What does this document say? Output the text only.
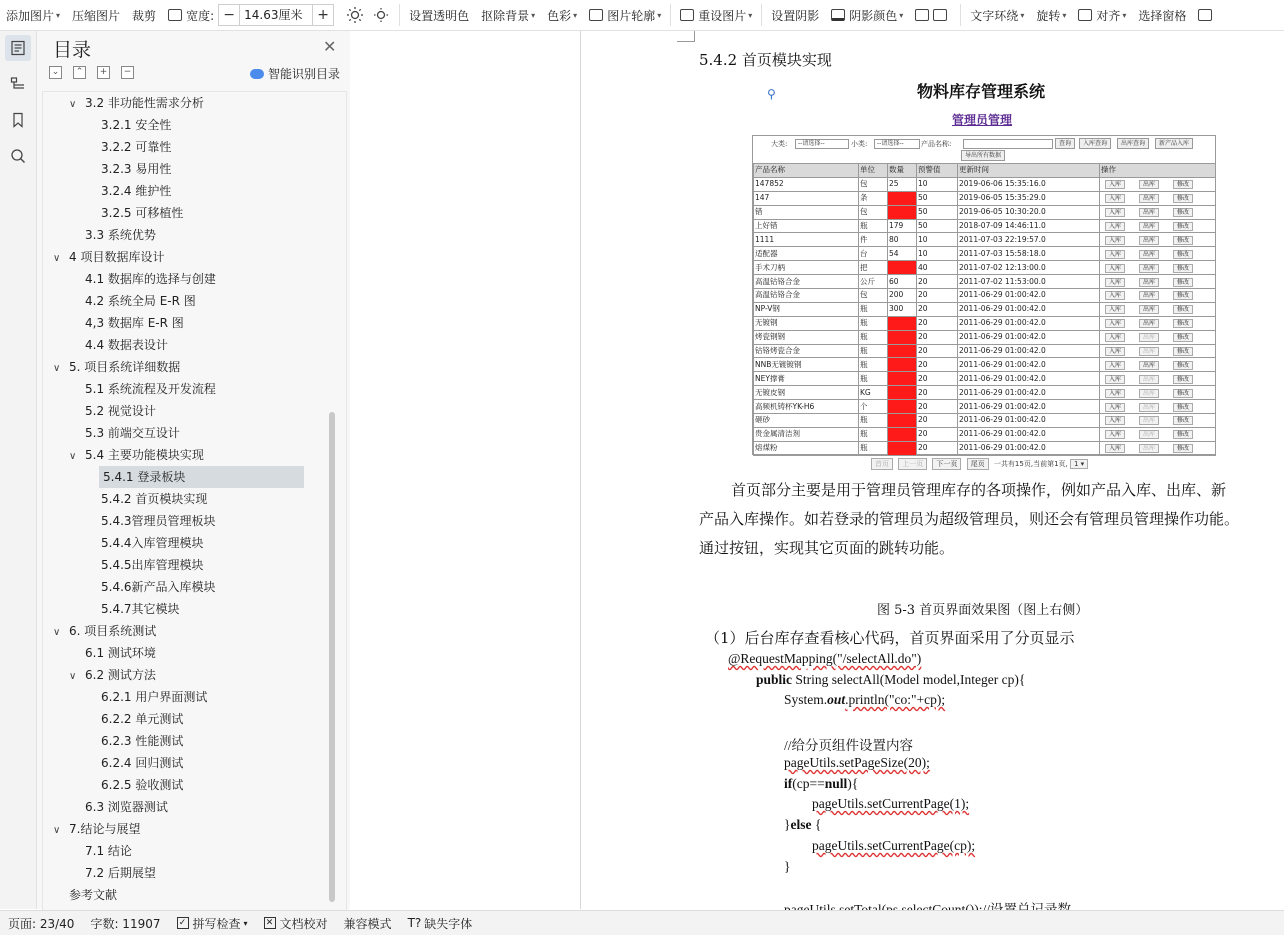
添加图片 ▾ 压缩图片 裁剪	宽度: − 14.63厘米	+	设置透明色 抠除背景 ▾ 色彩 ▾	图片轮廓 ▾	重设图片 ▾ 设置阴影	阴影颜色 ▾	文字环绕 ▾ 旋转 ▾	对齐 ▾ 选择窗格
目录	✕
⌄	⌃	+	−	智能识别目录
∨ 3.2 非功能性需求分析
3.2.1 安全性
3.2.2 可靠性
3.2.3 易用性
3.2.4 维护性
3.2.5 可移植性
3.3 系统优势
∨ 4 项目数据库设计
4.1 数据库的选择与创建
4.2 系统全局 E-R 图
4,3 数据库 E-R 图
4.4 数据表设计
∨ 5. 项目系统详细数据
5.1 系统流程及开发流程
5.2 视觉设计
5.3 前端交互设计
∨ 5.4 主要功能模块实现
5.4.1 登录板块
5.4.2 首页模块实现
5.4.3管理员管理板块
5.4.4入库管理模块
5.4.5出库管理模块
5.4.6新产品入库模块
5.4.7其它模块
∨ 6. 项目系统测试
6.1 测试环境
∨ 6.2 测试方法
6.2.1 用户界面测试
6.2.2 单元测试
6.2.3 性能测试
6.2.4 回归测试
6.2.5 验收测试
6.3 浏览器测试
∨ 7.结论与展望
7.1 结论
7.2 后期展望
参考文献
5.4.2 首页模块实现
⚲	物料库存管理系统
管理员管理
大类:	--请选择--	小类:	--请选择--	产品名称:	查询	入库查询	出库查询	新产品入库
导出所有数据
产品名称	单位	数量	预警值	更新时间	操作
147852	包	25	10	2019-06-06 15:35:16.0	入库 出库 修改
147	条	12	50	2019-06-05 15:35:29.0	入库 出库 修改
错	包	11	50	2019-06-05 10:30:20.0	入库 出库 修改
上好错	瓶	179	50	2018-07-09 14:46:11.0	入库 出库 修改
1111	件	80	10	2011-07-03 22:19:57.0	入库 出库 修改
适配器	台	54	10	2011-07-03 15:58:18.0	入库 出库 修改
手术刀柄	把	10	40	2011-07-02 12:13:00.0	入库 出库 修改
高温钴铬合金	公斤	60	20	2011-07-02 11:53:00.0	入库 出库 修改
高温钴铬合金	包	200	20	2011-06-29 01:00:42.0	入库 出库 修改
NP-V钢	瓶	300	20	2011-06-29 01:00:42.0	入库 出库 修改
无镀钢	瓶	11	20	2011-06-29 01:00:42.0	入库 出库 修改
烤瓷钢钢	瓶	0	20	2011-06-29 01:00:42.0	入库 出库 修改
钴铬烤瓷合金	瓶	0	20	2011-06-29 01:00:42.0	入库 出库 修改
NNB无镀镀钢	瓶	2	20	2011-06-29 01:00:42.0	入库 出库 修改
NEY撑膏	瓶	0	20	2011-06-29 01:00:42.0	入库 出库 修改
无镀皮钢	KG	0	20	2011-06-29 01:00:42.0	入库 出库 修改
高频机铸杯YK-H6	个	0	20	2011-06-29 01:00:42.0	入库 出库 修改
砸砂	瓶	0	20	2011-06-29 01:00:42.0	入库 出库 修改
贵金属清洁剂	瓶	0	20	2011-06-29 01:00:42.0	入库 出库 修改
熔煤粉	瓶	0	20	2011-06-29 01:00:42.0	入库 出库 修改
首页 上一页 下一页 尾页 一共有15页,当前第1页, 1 ▾
首页部分主要是用于管理员管理库存的各项操作，例如产品入库、出库、新
产品入库操作。如若登录的管理员为超级管理员，则还会有管理员管理操作功能。
通过按钮，实现其它页面的跳转功能。
图 5-3 首页界面效果图（图上右侧）
（1）后台库存查看核心代码，首页界面采用了分页显示
@RequestMapping("/selectAll.do")
public String selectAll(Model model,Integer cp){
System.out.println("co:"+cp);
//给分页组件设置内容
pageUtils.setPageSize(20);
if(cp==null){
pageUtils.setCurrentPage(1);
}else {
pageUtils.setCurrentPage(cp);
}
页面: 23/40	字数: 11907	✓ 拼写检查 ▾ ✕ 文档校对	兼容模式	T? 缺失字体
